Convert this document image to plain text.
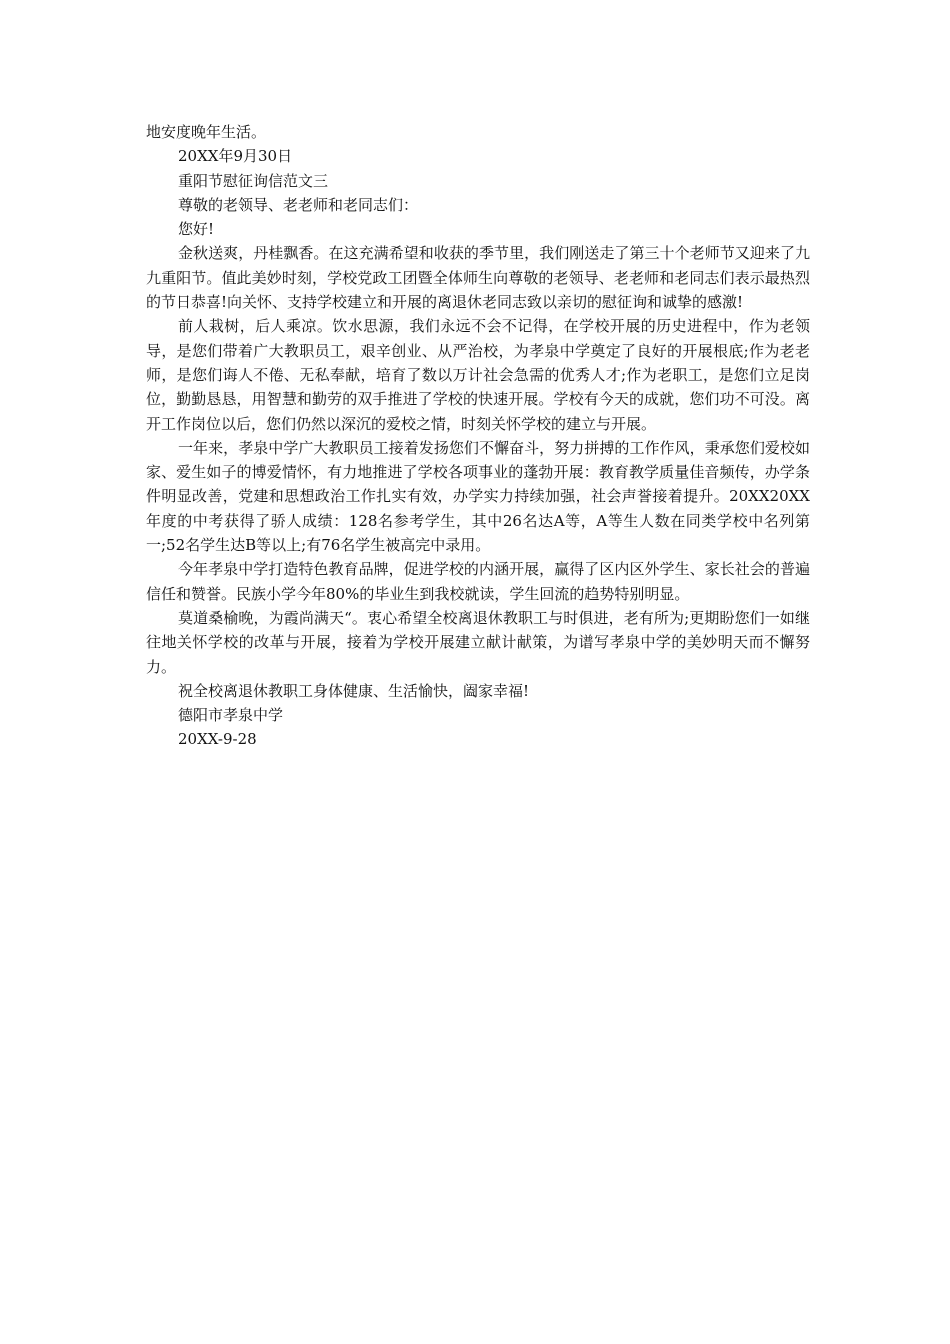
地安度晚年生活。

20XX年9月30日

重阳节慰征询信范文三

尊敬的老领导、老老师和老同志们：

您好!

金秋送爽，丹桂飘香。在这充满希望和收获的季节里，我们刚送走了第三十个老师节又迎来了九九重阳节。值此美妙时刻，学校党政工团暨全体师生向尊敬的老领导、老老师和老同志们表示最热烈的节日恭喜!向关怀、支持学校建立和开展的离退休老同志致以亲切的慰征询和诚挚的感激!

前人栽树，后人乘凉。饮水思源，我们永远不会不记得，在学校开展的历史进程中，作为老领导，是您们带着广大教职员工，艰辛创业、从严治校，为孝泉中学奠定了良好的开展根底;作为老老师，是您们诲人不倦、无私奉献，培育了数以万计社会急需的优秀人才;作为老职工，是您们立足岗位，勤勤恳恳，用智慧和勤劳的双手推进了学校的快速开展。学校有今天的成就，您们功不可没。离开工作岗位以后，您们仍然以深沉的爱校之情，时刻关怀学校的建立与开展。

一年来，孝泉中学广大教职员工接着发扬您们不懈奋斗，努力拼搏的工作作风，秉承您们爱校如家、爱生如子的博爱情怀，有力地推进了学校各项事业的蓬勃开展：教育教学质量佳音频传，办学条件明显改善，党建和思想政治工作扎实有效，办学实力持续加强，社会声誉接着提升。20XX20XX年度的中考获得了骄人成绩：128名参考学生，其中26名达A等，A等生人数在同类学校中名列第一;52名学生达B等以上;有76名学生被高完中录用。

今年孝泉中学打造特色教育品牌，促进学校的内涵开展，赢得了区内区外学生、家长社会的普遍信任和赞誉。民族小学今年80%的毕业生到我校就读，学生回流的趋势特别明显。

莫道桑榆晚，为霞尚满天“。衷心希望全校离退休教职工与时俱进，老有所为;更期盼您们一如继往地关怀学校的改革与开展，接着为学校开展建立献计献策，为谱写孝泉中学的美妙明天而不懈努力。

祝全校离退休教职工身体健康、生活愉快，阖家幸福!

德阳市孝泉中学

20XX-9-28
